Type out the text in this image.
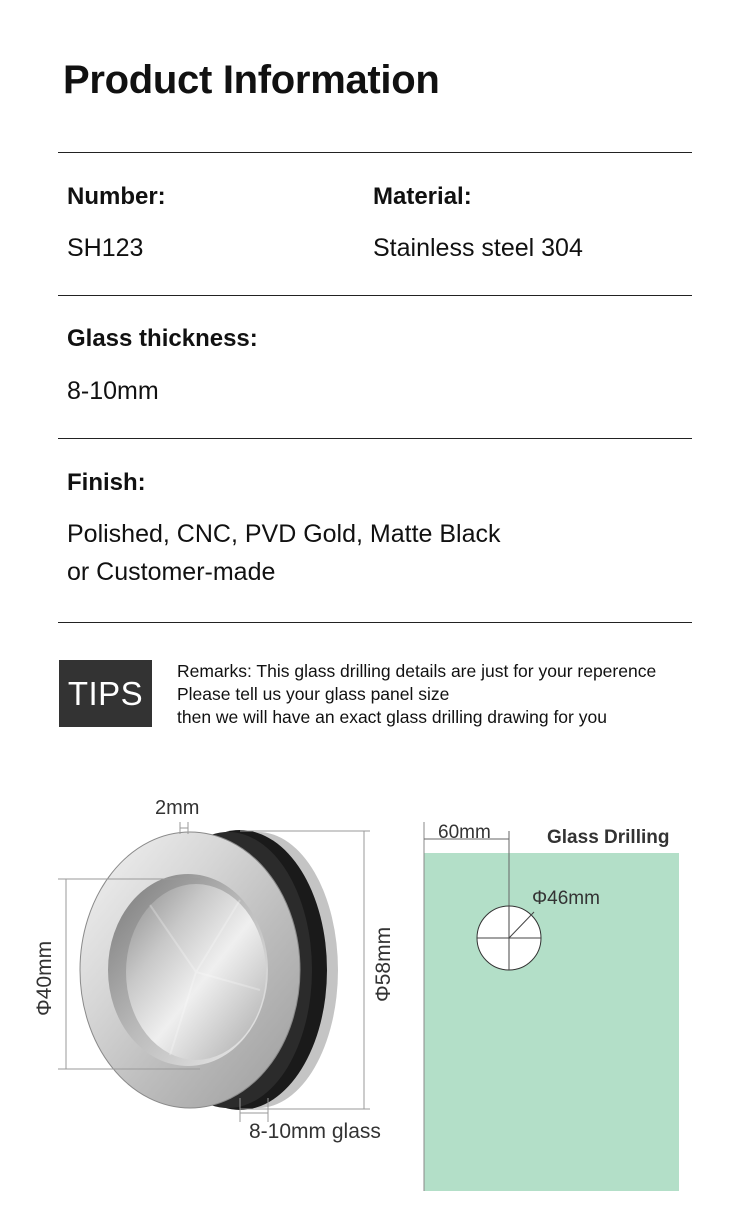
Product Information
Number:
SH123
Material:
Stainless steel 304
Glass thickness:
8-10mm
Finish:
Polished, CNC, PVD Gold, Matte Black
or Customer-made
TIPS
Remarks: This glass drilling details are just for your reperence
Please tell us your glass panel size
then we will have an exact glass drilling drawing for you
2mm
Φ40mm	Φ58mm
8-10mm glass
Glass Drilling
60mm
Φ46mm
